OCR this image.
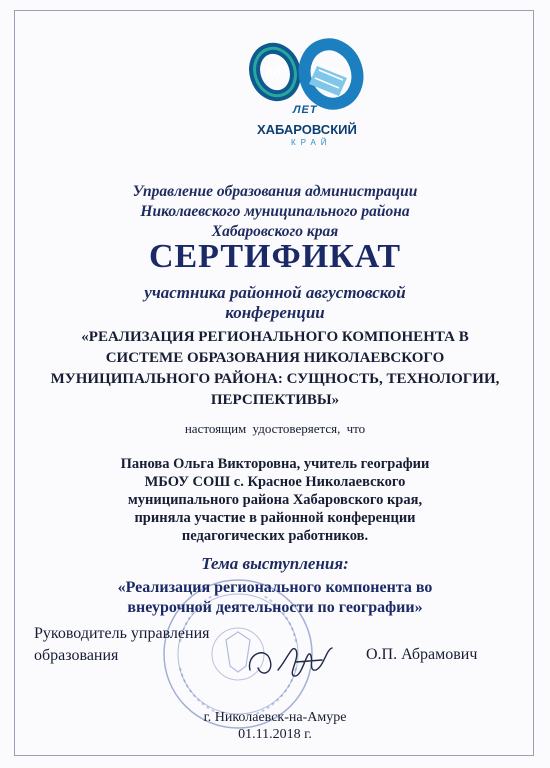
80
ЛЕТ
ХАБАРОВСКИЙ
КРАЙ
Управление образования администрации
Николаевского муниципального района
Хабаровского края
СЕРТИФИКАТ
участника районной августовской
конференции
«РЕАЛИЗАЦИЯ РЕГИОНАЛЬНОГО КОМПОНЕНТА В
СИСТЕМЕ ОБРАЗОВАНИЯ НИКОЛАЕВСКОГО
МУНИЦИПАЛЬНОГО РАЙОНА: СУЩНОСТЬ, ТЕХНОЛОГИИ,
ПЕРСПЕКТИВЫ»
настоящим удостоверяется, что
Панова Ольга Викторовна, учитель географии
МБОУ СОШ с. Красное Николаевского
муниципального района Хабаровского края,
приняла участие в районной конференции
педагогических работников.
Тема выступления:
«Реализация регионального компонента во
внеурочной деятельности по географии»
Руководитель управления
образования	О.П. Абрамович
г. Николаевск-на-Амуре
01.11.2018 г.
